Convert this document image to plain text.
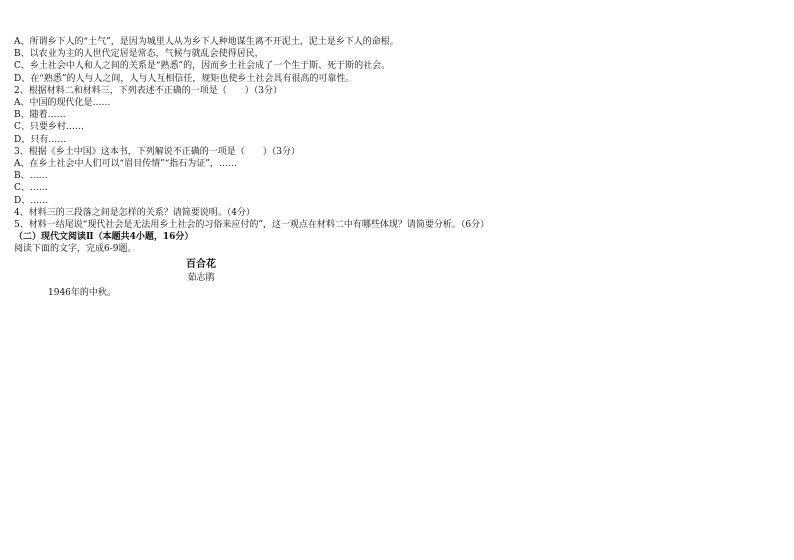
A、所谓乡下人的“土气”，是因为城里人从为乡下人种地谋生离不开泥土，泥土是乡下人的命根。
B、以农业为主的人世代定居是常态，气候与就乱会使得居民，
C、乡土社会中人和人之间的关系是“熟悉”的，因而乡土社会成了一个生于斯、死于斯的社会。
D、在“熟悉”的人与人之间，人与人互相信任，规矩也使乡土社会具有很高的可靠性。
2、根据材料二和材料三，下列表述不正确的一项是（　　）（3分）
A、中国的现代化是……
B、随着……
C、只要乡村……
D、只有……
3、根据《乡土中国》这本书，下列解说不正确的一项是（　　）（3分）
A、在乡土社会中人们可以“眉目传情”“指石为证”，……
B、……
C、……
D、……
4、材料三的三段落之间是怎样的关系？请简要说明。（4分）
5、材料一结尾说“现代社会是无法用乡土社会的习俗来应付的”，这一观点在材料二中有哪些体现？请简要分析。（6分）
（二）现代文阅读Ⅱ（本题共4小题，16分）
阅读下面的文字，完成6-9题。
百合花
茹志鹃
1946年的中秋。
